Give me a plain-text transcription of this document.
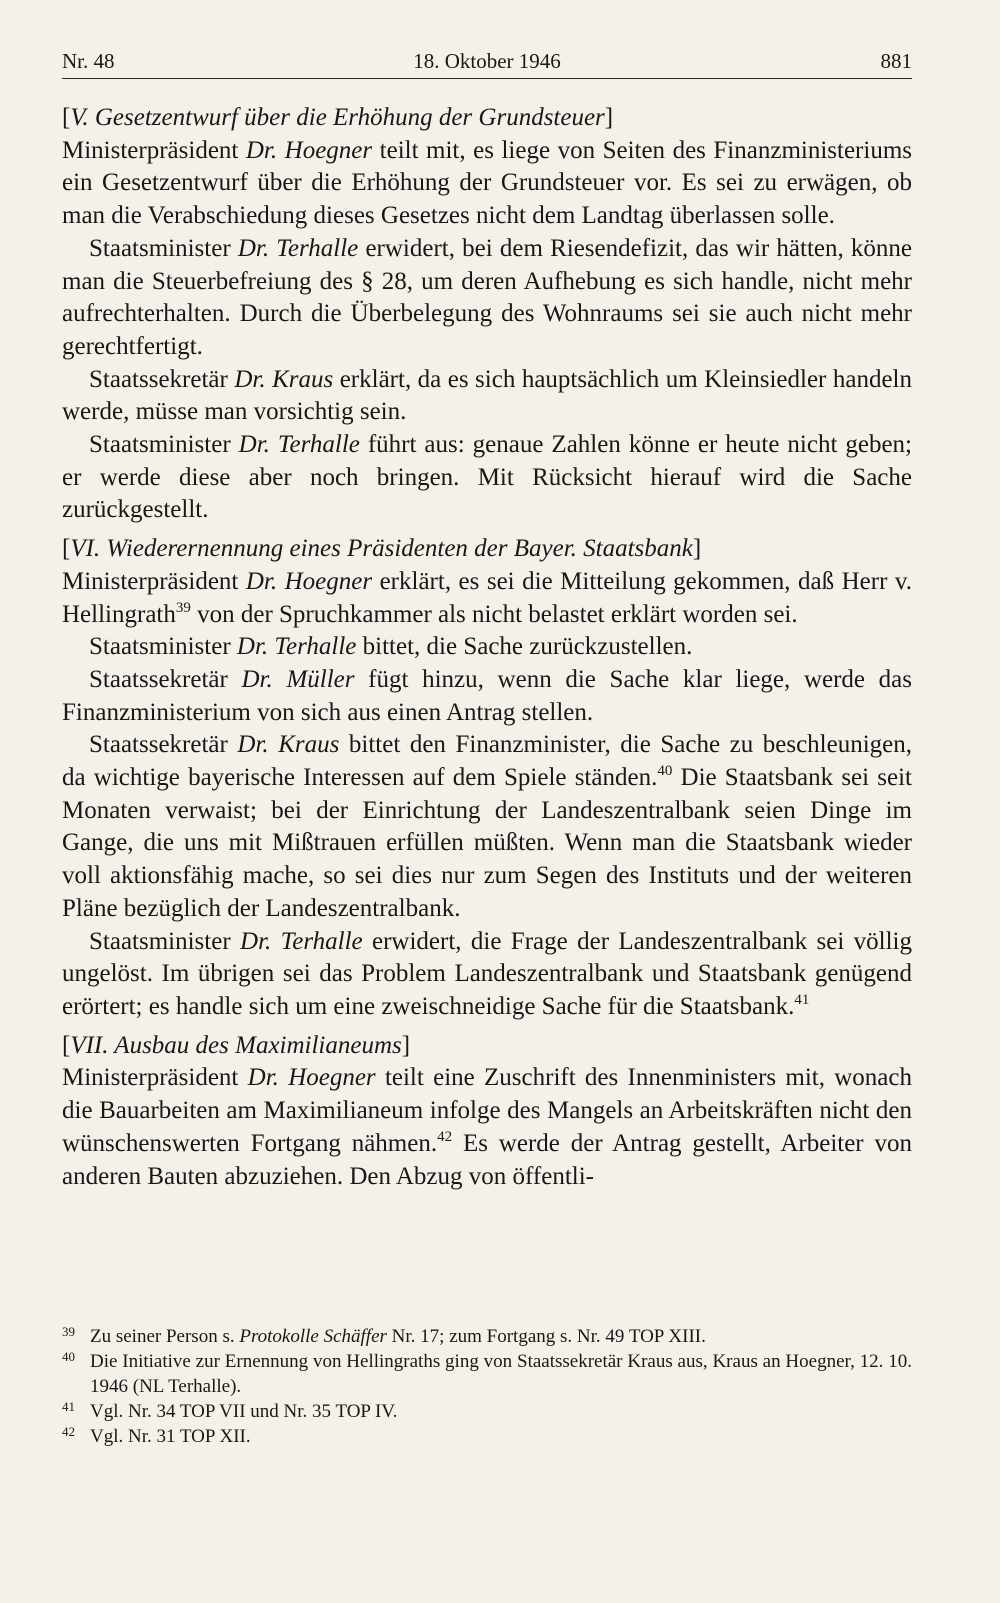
Nr. 48	18. Oktober 1946	881

[V. Gesetzentwurf über die Erhöhung der Grundsteuer]

Ministerpräsident Dr. Hoegner teilt mit, es liege von Seiten des Finanzministeriums ein Gesetzentwurf über die Erhöhung der Grundsteuer vor. Es sei zu erwägen, ob man die Verabschiedung dieses Gesetzes nicht dem Landtag überlassen solle.

Staatsminister Dr. Terhalle erwidert, bei dem Riesendefizit, das wir hätten, könne man die Steuerbefreiung des § 28, um deren Aufhebung es sich handle, nicht mehr aufrechterhalten. Durch die Überbelegung des Wohnraums sei sie auch nicht mehr gerechtfertigt.

Staatssekretär Dr. Kraus erklärt, da es sich hauptsächlich um Kleinsiedler handeln werde, müsse man vorsichtig sein.

Staatsminister Dr. Terhalle führt aus: genaue Zahlen könne er heute nicht geben; er werde diese aber noch bringen. Mit Rücksicht hierauf wird die Sache zurückgestellt.

[VI. Wiederernennung eines Präsidenten der Bayer. Staatsbank]

Ministerpräsident Dr. Hoegner erklärt, es sei die Mitteilung gekommen, daß Herr v. Hellingrath$^{39}$ von der Spruchkammer als nicht belastet erklärt worden sei.

Staatsminister Dr. Terhalle bittet, die Sache zurückzustellen.

Staatssekretär Dr. Müller fügt hinzu, wenn die Sache klar liege, werde das Finanzministerium von sich aus einen Antrag stellen.

Staatssekretär Dr. Kraus bittet den Finanzminister, die Sache zu beschleunigen, da wichtige bayerische Interessen auf dem Spiele ständen.$^{40}$ Die Staatsbank sei seit Monaten verwaist; bei der Einrichtung der Landeszentralbank seien Dinge im Gange, die uns mit Mißtrauen erfüllen müßten. Wenn man die Staatsbank wieder voll aktionsfähig mache, so sei dies nur zum Segen des Instituts und der weiteren Pläne bezüglich der Landeszentralbank.

Staatsminister Dr. Terhalle erwidert, die Frage der Landeszentralbank sei völlig ungelöst. Im übrigen sei das Problem Landeszentralbank und Staatsbank genügend erörtert; es handle sich um eine zweischneidige Sache für die Staatsbank.$^{41}$

[VII. Ausbau des Maximilianeums]

Ministerpräsident Dr. Hoegner teilt eine Zuschrift des Innenministers mit, wonach die Bauarbeiten am Maximilianeum infolge des Mangels an Arbeitskräften nicht den wünschenswerten Fortgang nähmen.$^{42}$ Es werde der Antrag gestellt, Arbeiter von anderen Bauten abzuziehen. Den Abzug von öffentli-

39 Zu seiner Person s. Protokolle Schäffer Nr. 17; zum Fortgang s. Nr. 49 TOP XIII.
40 Die Initiative zur Ernennung von Hellingraths ging von Staatssekretär Kraus aus, Kraus an Hoegner, 12. 10. 1946 (NL Terhalle).
41 Vgl. Nr. 34 TOP VII und Nr. 35 TOP IV.
42 Vgl. Nr. 31 TOP XII.
